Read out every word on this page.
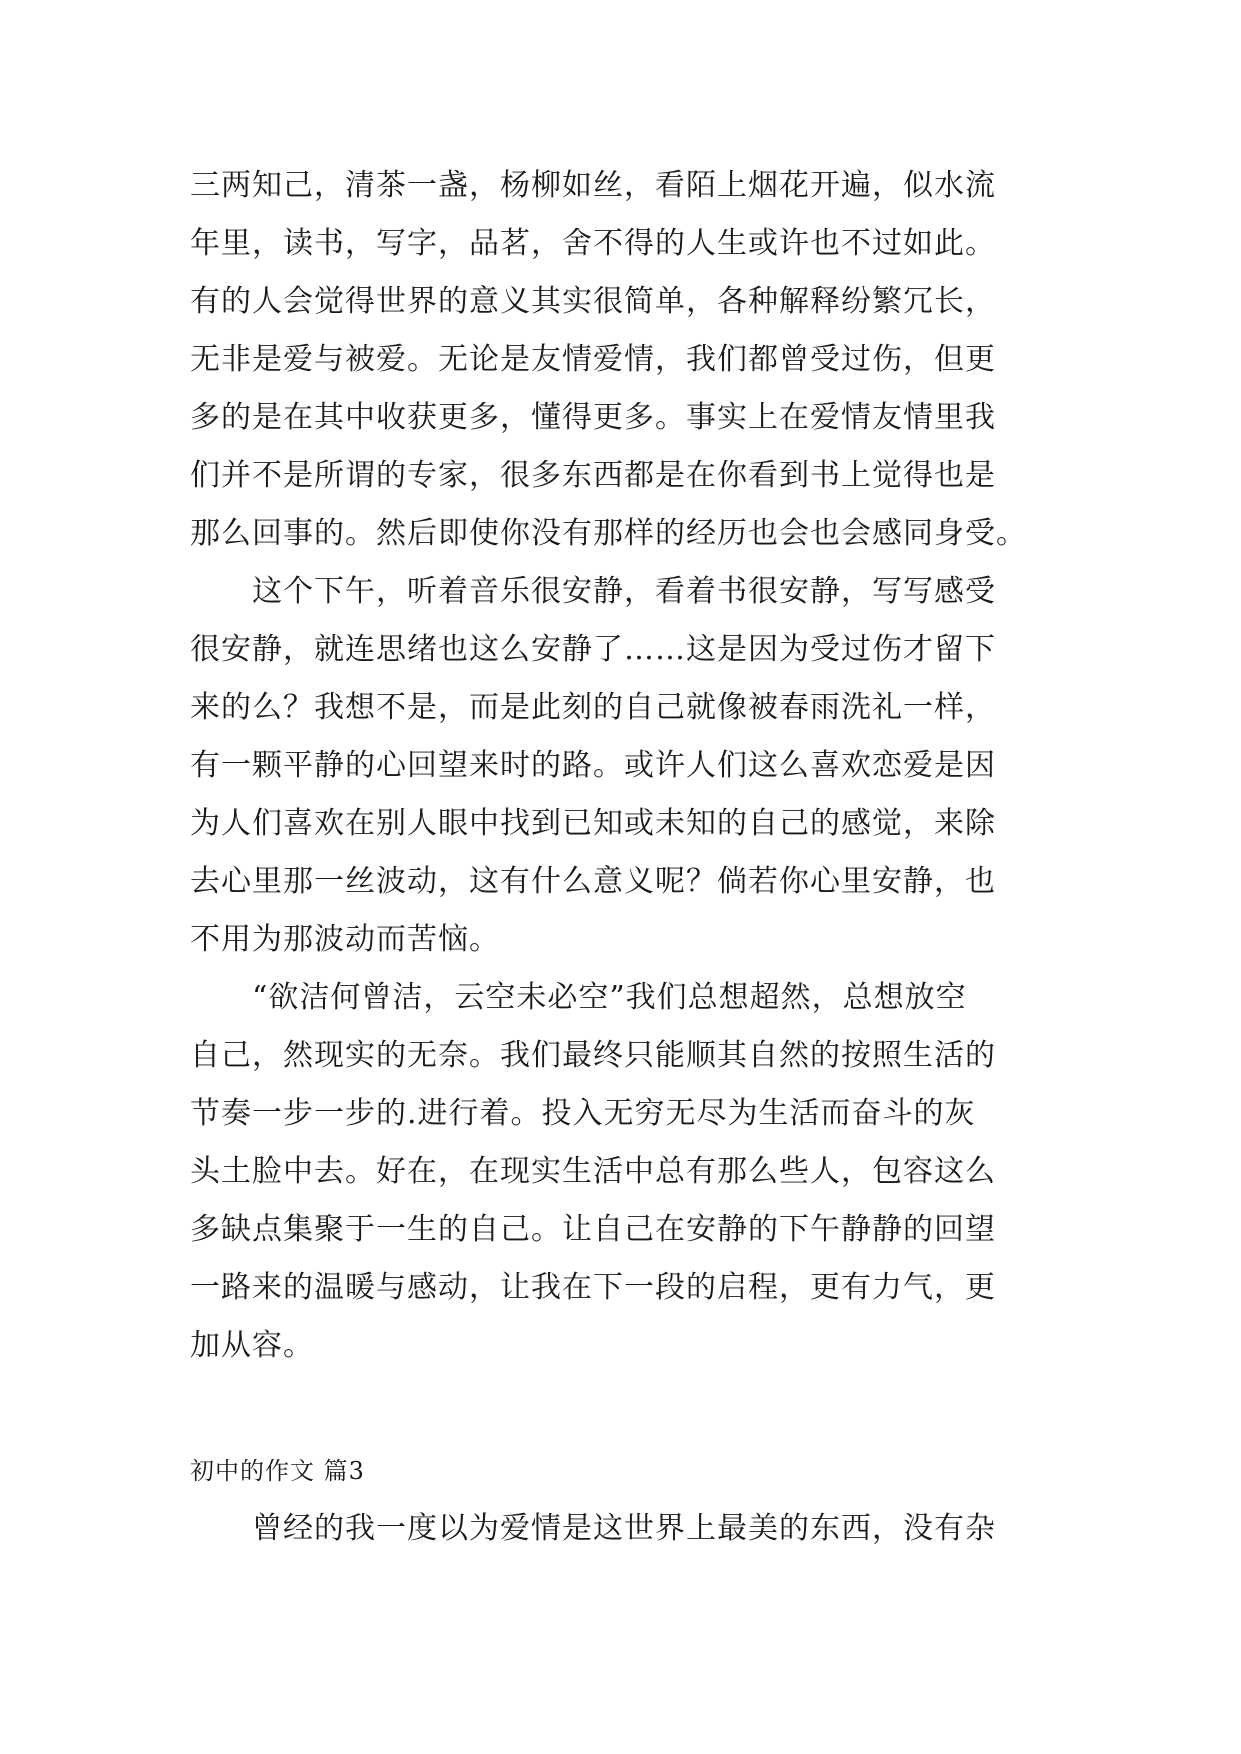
三两知己，清茶一盏，杨柳如丝，看陌上烟花开遍，似水流
年里，读书，写字，品茗，舍不得的人生或许也不过如此。
有的人会觉得世界的意义其实很简单，各种解释纷繁冗长，
无非是爱与被爱。无论是友情爱情，我们都曾受过伤，但更
多的是在其中收获更多，懂得更多。事实上在爱情友情里我
们并不是所谓的专家，很多东西都是在你看到书上觉得也是
那么回事的。然后即使你没有那样的经历也会也会感同身受。
　　这个下午，听着音乐很安静，看着书很安静，写写感受
很安静，就连思绪也这么安静了……这是因为受过伤才留下
来的么？我想不是，而是此刻的自己就像被春雨洗礼一样，
有一颗平静的心回望来时的路。或许人们这么喜欢恋爱是因
为人们喜欢在别人眼中找到已知或未知的自己的感觉，来除
去心里那一丝波动，这有什么意义呢？倘若你心里安静，也
不用为那波动而苦恼。
　　“欲洁何曾洁，云空未必空”我们总想超然，总想放空
自己，然现实的无奈。我们最终只能顺其自然的按照生活的
节奏一步一步的.进行着。投入无穷无尽为生活而奋斗的灰
头土脸中去。好在，在现实生活中总有那么些人，包容这么
多缺点集聚于一生的自己。让自己在安静的下午静静的回望
一路来的温暖与感动，让我在下一段的启程，更有力气，更
加从容。
初中的作文 篇3
　　曾经的我一度以为爱情是这世界上最美的东西，没有杂
